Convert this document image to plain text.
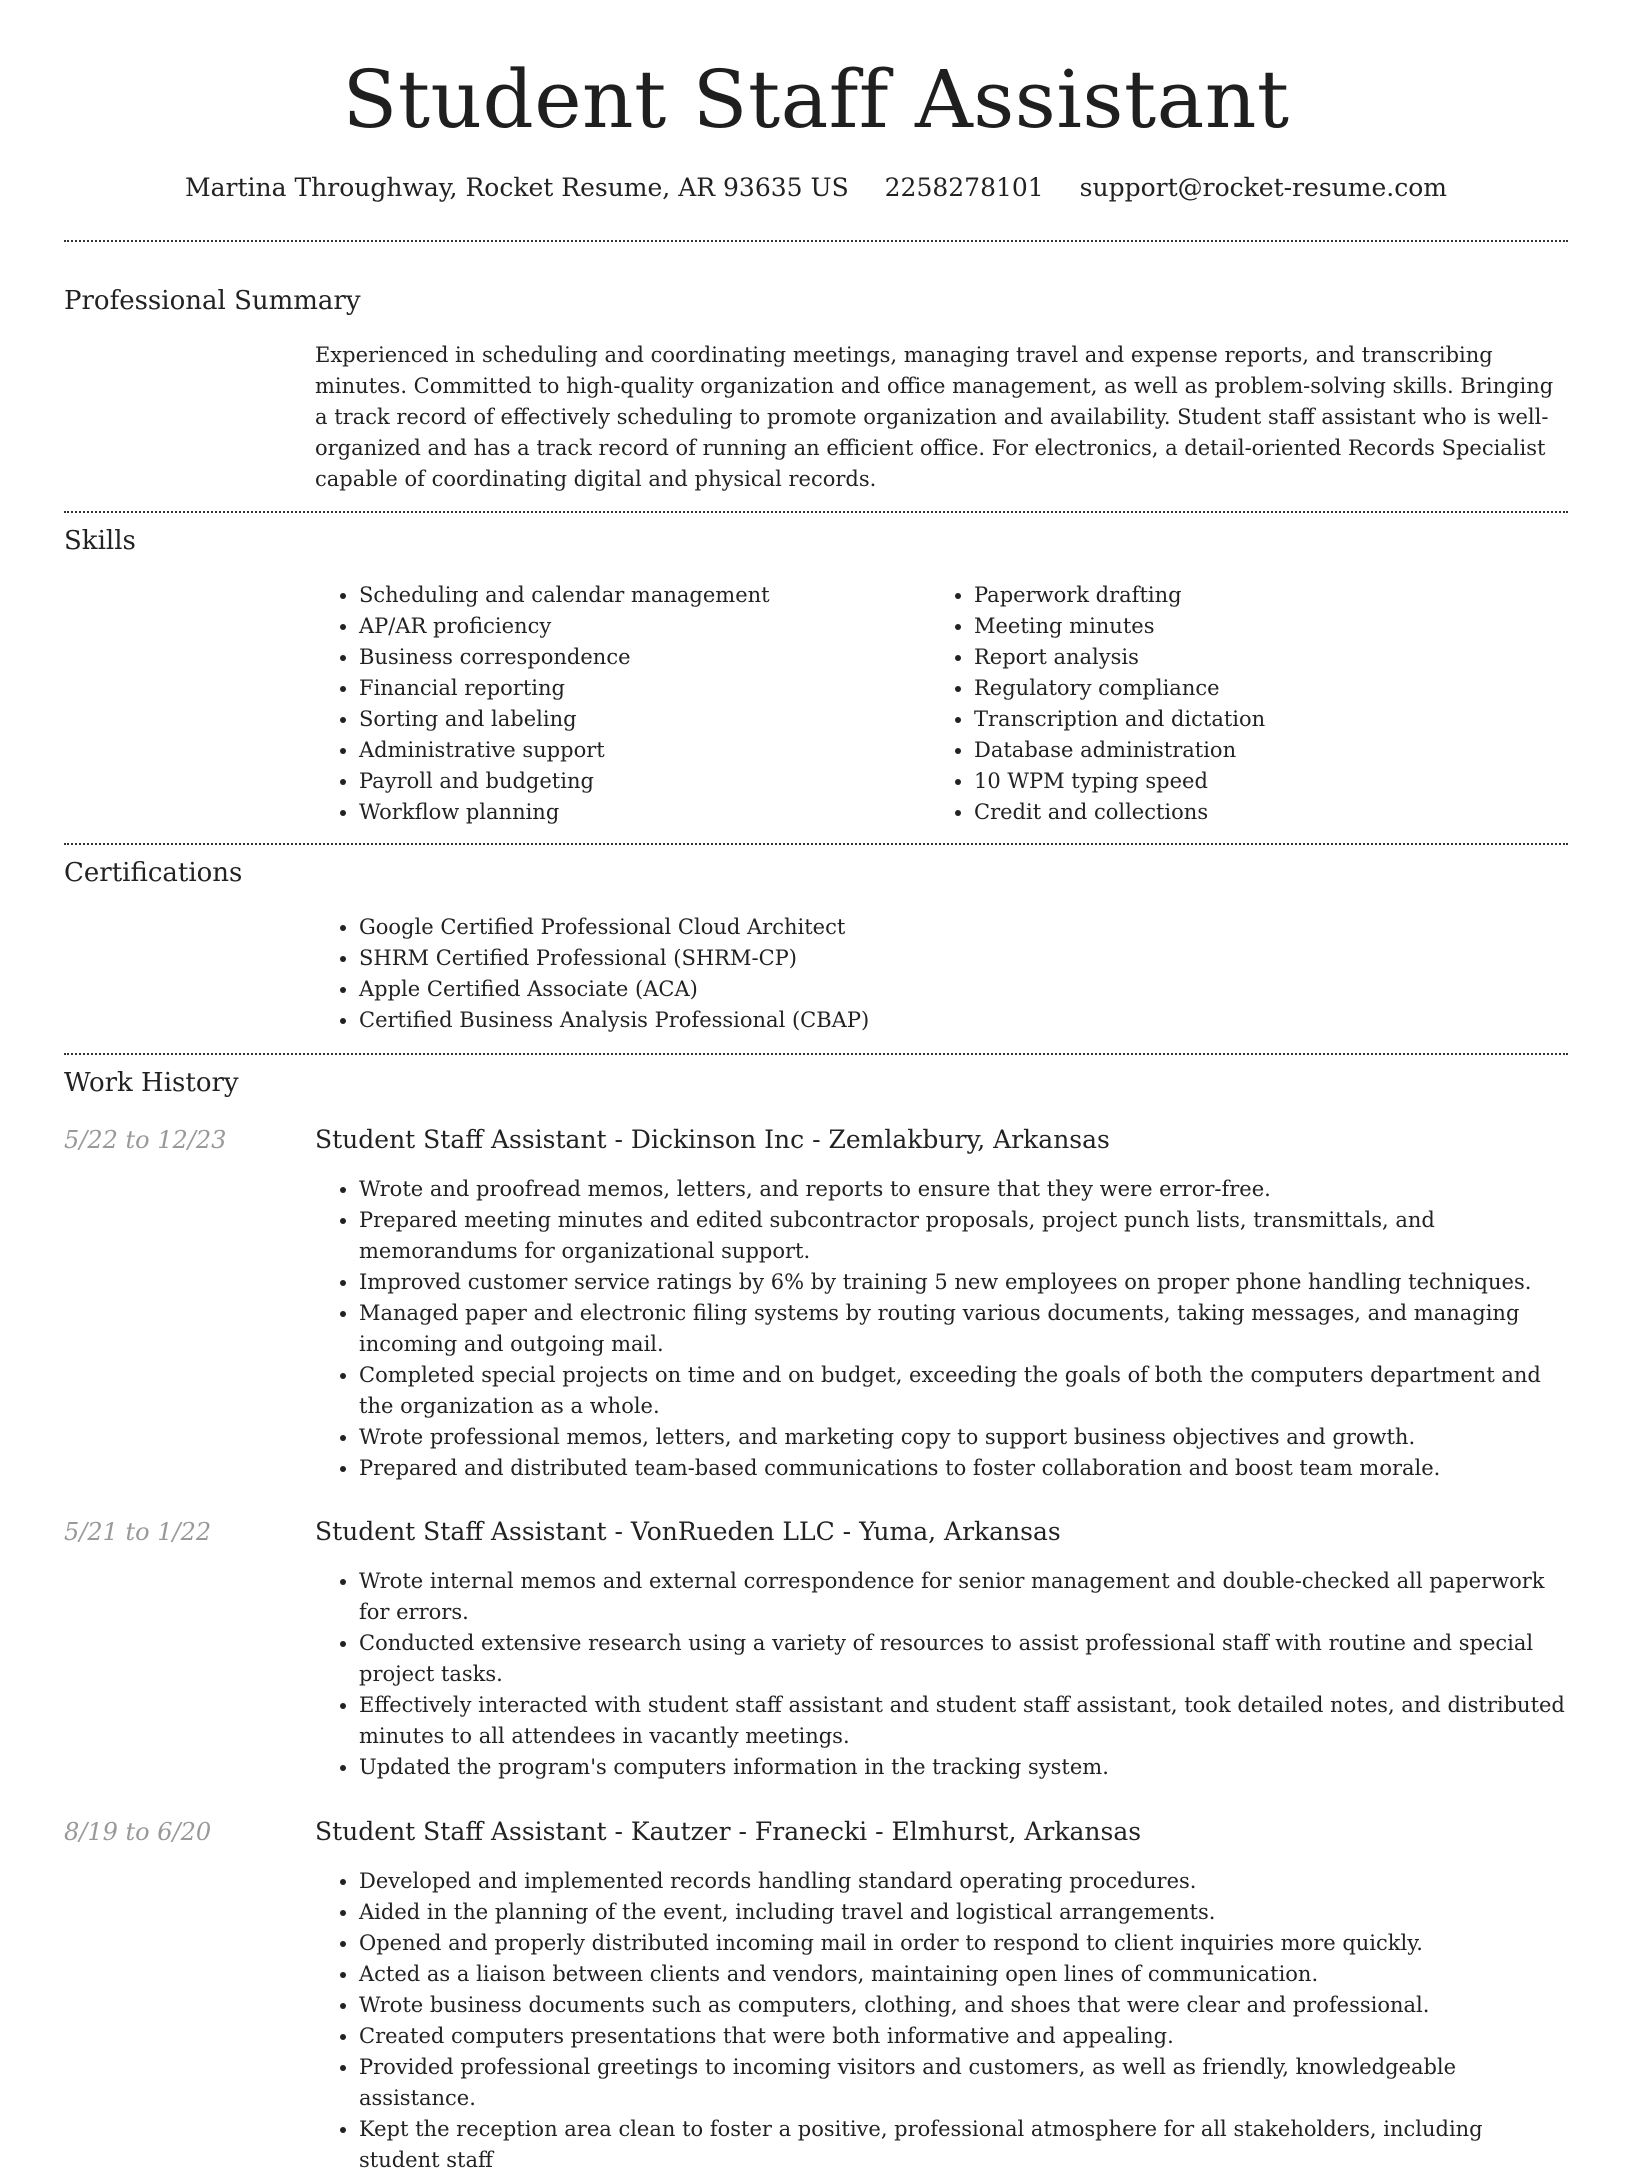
Student Staff Assistant
Martina Throughway, Rocket Resume, AR 93635 US 2258278101 support@rocket-resume.com
Professional Summary

Experienced in scheduling and coordinating meetings, managing travel and expense reports, and transcribing minutes. Committed to high-quality organization and office management, as well as problem-solving skills. Bringing a track record of effectively scheduling to promote organization and availability. Student staff assistant who is well-organized and has a track record of running an efficient office. For electronics, a detail-oriented Records Specialist capable of coordinating digital and physical records.

Skills
• Scheduling and calendar management
• AP/AR proficiency
• Business correspondence
• Financial reporting
• Sorting and labeling
• Administrative support
• Payroll and budgeting
• Workflow planning
• Paperwork drafting
• Meeting minutes
• Report analysis
• Regulatory compliance
• Transcription and dictation
• Database administration
• 10 WPM typing speed
• Credit and collections
Certifications
• Google Certified Professional Cloud Architect
• SHRM Certified Professional (SHRM-CP)
• Apple Certified Associate (ACA)
• Certified Business Analysis Professional (CBAP)
Work History
5/22 to 12/23	Student Staff Assistant - Dickinson Inc - Zemlakbury, Arkansas
• Wrote and proofread memos, letters, and reports to ensure that they were error-free.
• Prepared meeting minutes and edited subcontractor proposals, project punch lists, transmittals, and memorandums for organizational support.
• Improved customer service ratings by 6% by training 5 new employees on proper phone handling techniques.
• Managed paper and electronic filing systems by routing various documents, taking messages, and managing incoming and outgoing mail.
• Completed special projects on time and on budget, exceeding the goals of both the computers department and the organization as a whole.
• Wrote professional memos, letters, and marketing copy to support business objectives and growth.
• Prepared and distributed team-based communications to foster collaboration and boost team morale.
5/21 to 1/22	Student Staff Assistant - VonRueden LLC - Yuma, Arkansas
• Wrote internal memos and external correspondence for senior management and double-checked all paperwork for errors.
• Conducted extensive research using a variety of resources to assist professional staff with routine and special project tasks.
• Effectively interacted with student staff assistant and student staff assistant, took detailed notes, and distributed minutes to all attendees in vacantly meetings.
• Updated the program's computers information in the tracking system.
8/19 to 6/20	Student Staff Assistant - Kautzer - Franecki - Elmhurst, Arkansas
• Developed and implemented records handling standard operating procedures.
• Aided in the planning of the event, including travel and logistical arrangements.
• Opened and properly distributed incoming mail in order to respond to client inquiries more quickly.
• Acted as a liaison between clients and vendors, maintaining open lines of communication.
• Wrote business documents such as computers, clothing, and shoes that were clear and professional.
• Created computers presentations that were both informative and appealing.
• Provided professional greetings to incoming visitors and customers, as well as friendly, knowledgeable assistance.
• Kept the reception area clean to foster a positive, professional atmosphere for all stakeholders, including student staff
